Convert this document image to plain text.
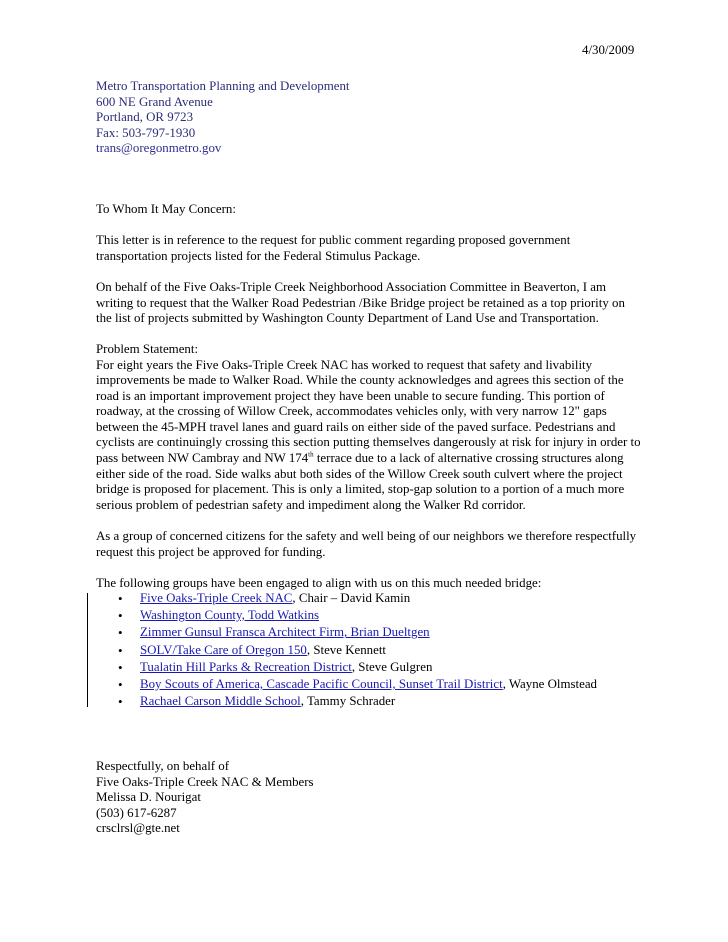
4/30/2009

Metro Transportation Planning and Development

600 NE Grand Avenue

Portland, OR 9723

Fax: 503-797-1930

trans@oregonmetro.gov

To Whom It May Concern:

This letter is in reference to the request for public comment regarding proposed government

transportation projects listed for the Federal Stimulus Package.

On behalf of the Five Oaks-Triple Creek Neighborhood Association Committee in Beaverton, I am

writing to request that the Walker Road Pedestrian /Bike Bridge project be retained as a top priority on

the list of projects submitted by Washington County Department of Land Use and Transportation.

Problem Statement:

For eight years the Five Oaks-Triple Creek NAC has worked to request that safety and livability

improvements be made to Walker Road. While the county acknowledges and agrees this section of the

road is an important improvement project they have been unable to secure funding. This portion of

roadway, at the crossing of Willow Creek, accommodates vehicles only, with very narrow 12" gaps

between the 45-MPH travel lanes and guard rails on either side of the paved surface. Pedestrians and

cyclists are continuingly crossing this section putting themselves dangerously at risk for injury in order to

pass between NW Cambray and NW 174th terrace due to a lack of alternative crossing structures along

either side of the road. Side walks abut both sides of the Willow Creek south culvert where the project

bridge is proposed for placement. This is only a limited, stop-gap solution to a portion of a much more

serious problem of pedestrian safety and impediment along the Walker Rd corridor.

As a group of concerned citizens for the safety and well being of our neighbors we therefore respectfully

request this project be approved for funding.

The following groups have been engaged to align with us on this much needed bridge:

• Five Oaks-Triple Creek NAC, Chair – David Kamin
• Washington County, Todd Watkins
• Zimmer Gunsul Fransca Architect Firm, Brian Dueltgen
• SOLV/Take Care of Oregon 150, Steve Kennett
• Tualatin Hill Parks & Recreation District, Steve Gulgren
• Boy Scouts of America, Cascade Pacific Council, Sunset Trail District, Wayne Olmstead
• Rachael Carson Middle School, Tammy Schrader

Respectfully, on behalf of

Five Oaks-Triple Creek NAC & Members

Melissa D. Nourigat

(503) 617-6287

crsclrsl@gte.net
